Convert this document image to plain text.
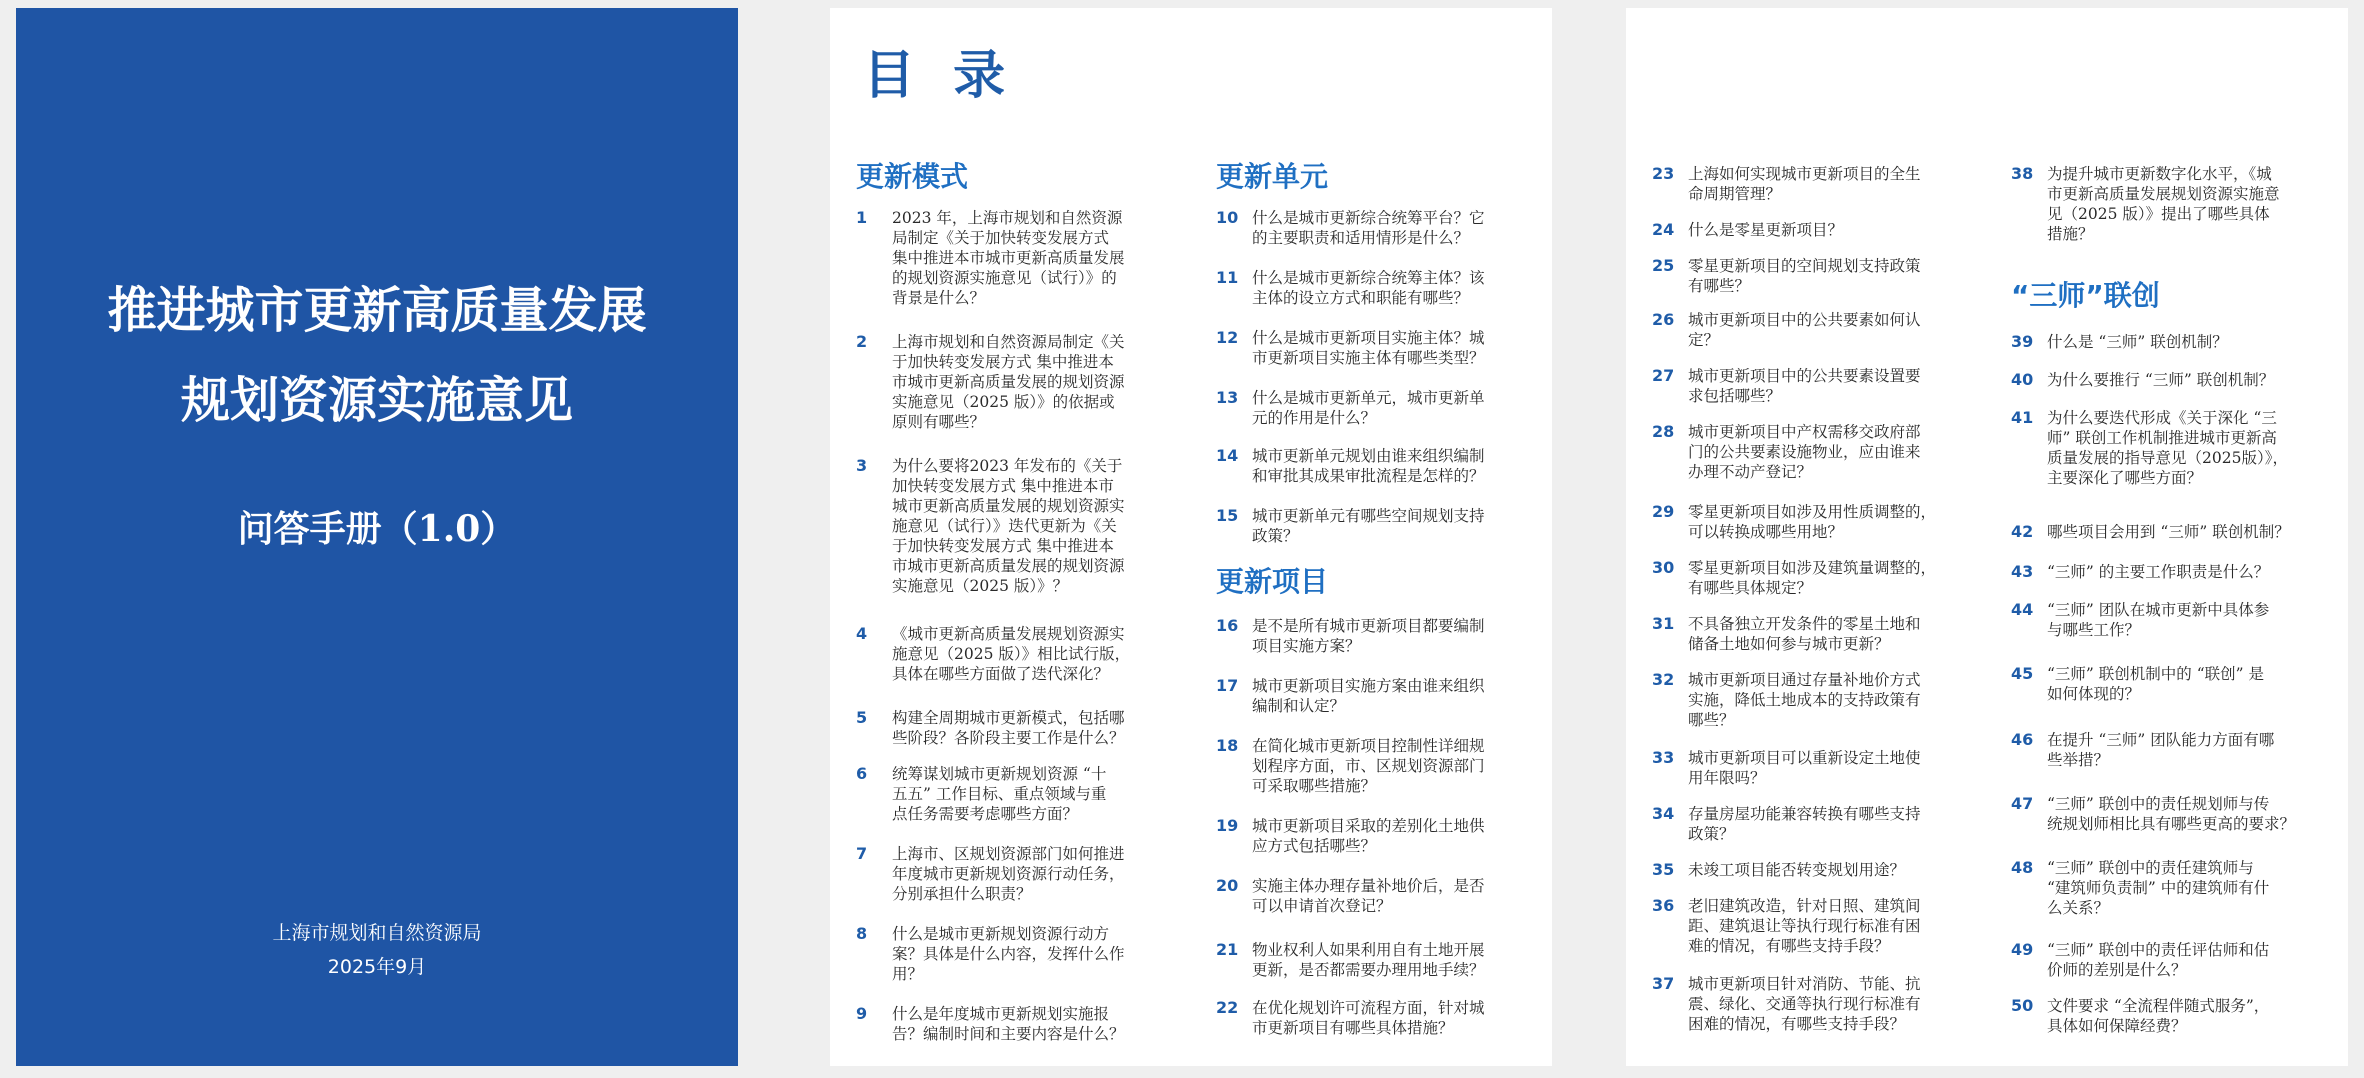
推进城市更新高质量发展
规划资源实施意见
问答手册（1.0）
上海市规划和自然资源局
2025年9月
目 录
更新模式	更新单元
更新项目
1	2023 年，上海市规划和自然资源
局制定《关于加快转变发展方式
集中推进本市城市更新高质量发展
的规划资源实施意见（试行）》的
背景是什么？
2	上海市规划和自然资源局制定《关
于加快转变发展方式 集中推进本
市城市更新高质量发展的规划资源
实施意见（2025 版）》的依据或
原则有哪些？
3	为什么要将2023 年发布的《关于
加快转变发展方式 集中推进本市
城市更新高质量发展的规划资源实
施意见（试行）》迭代更新为《关
于加快转变发展方式 集中推进本
市城市更新高质量发展的规划资源
实施意见（2025 版）》？
4	《城市更新高质量发展规划资源实
施意见（2025 版）》相比试行版，
具体在哪些方面做了迭代深化？
5	构建全周期城市更新模式，包括哪
些阶段？各阶段主要工作是什么？
6	统筹谋划城市更新规划资源 “十
五五” 工作目标、重点领域与重
点任务需要考虑哪些方面？
7	上海市、区规划资源部门如何推进
年度城市更新规划资源行动任务，
分别承担什么职责？
8	什么是城市更新规划资源行动方
案？具体是什么内容，发挥什么作
用？
9	什么是年度城市更新规划实施报
告？编制时间和主要内容是什么？
10 什么是城市更新综合统筹平台？它
的主要职责和适用情形是什么？
11 什么是城市更新综合统筹主体？该
主体的设立方式和职能有哪些？
12 什么是城市更新项目实施主体？城
市更新项目实施主体有哪些类型？
13 什么是城市更新单元，城市更新单
元的作用是什么？
14 城市更新单元规划由谁来组织编制
和审批其成果审批流程是怎样的？
15 城市更新单元有哪些空间规划支持
政策？
16 是不是所有城市更新项目都要编制
项目实施方案？
17 城市更新项目实施方案由谁来组织
编制和认定？
18 在简化城市更新项目控制性详细规
划程序方面，市、区规划资源部门
可采取哪些措施？
19 城市更新项目采取的差别化土地供
应方式包括哪些？
20 实施主体办理存量补地价后，是否
可以申请首次登记？
21 物业权利人如果利用自有土地开展
更新，是否都需要办理用地手续？
22 在优化规划许可流程方面，针对城
市更新项目有哪些具体措施？
“三师”联创
23 上海如何实现城市更新项目的全生
命周期管理？
24 什么是零星更新项目？
25 零星更新项目的空间规划支持政策
有哪些？
26 城市更新项目中的公共要素如何认
定？
27 城市更新项目中的公共要素设置要
求包括哪些？
28 城市更新项目中产权需移交政府部
门的公共要素设施物业，应由谁来
办理不动产登记？
29 零星更新项目如涉及用性质调整的，
可以转换成哪些用地？
30 零星更新项目如涉及建筑量调整的，
有哪些具体规定？
31 不具备独立开发条件的零星土地和
储备土地如何参与城市更新？
32 城市更新项目通过存量补地价方式
实施，降低土地成本的支持政策有
哪些？
33 城市更新项目可以重新设定土地使
用年限吗？
34 存量房屋功能兼容转换有哪些支持
政策？
35 未竣工项目能否转变规划用途？
36 老旧建筑改造，针对日照、建筑间
距、建筑退让等执行现行标准有困
难的情况，有哪些支持手段？
37 城市更新项目针对消防、节能、抗
震、绿化、交通等执行现行标准有
困难的情况，有哪些支持手段？
38 为提升城市更新数字化水平，《城
市更新高质量发展规划资源实施意
见（2025 版）》提出了哪些具体
措施？
39 什么是 “三师” 联创机制？
40 为什么要推行 “三师” 联创机制？
41 为什么要迭代形成《关于深化 “三
师” 联创工作机制推进城市更新高
质量发展的指导意见（2025版）》，
主要深化了哪些方面？
42 哪些项目会用到 “三师” 联创机制？
43 “三师” 的主要工作职责是什么？
44 “三师” 团队在城市更新中具体参
与哪些工作？
45 “三师” 联创机制中的 “联创” 是
如何体现的？
46 在提升 “三师” 团队能力方面有哪
些举措？
47 “三师” 联创中的责任规划师与传
统规划师相比具有哪些更高的要求？
48 “三师” 联创中的责任建筑师与
“建筑师负责制” 中的建筑师有什
么关系？
49 “三师” 联创中的责任评估师和估
价师的差别是什么？
50 文件要求 “全流程伴随式服务”，
具体如何保障经费？
